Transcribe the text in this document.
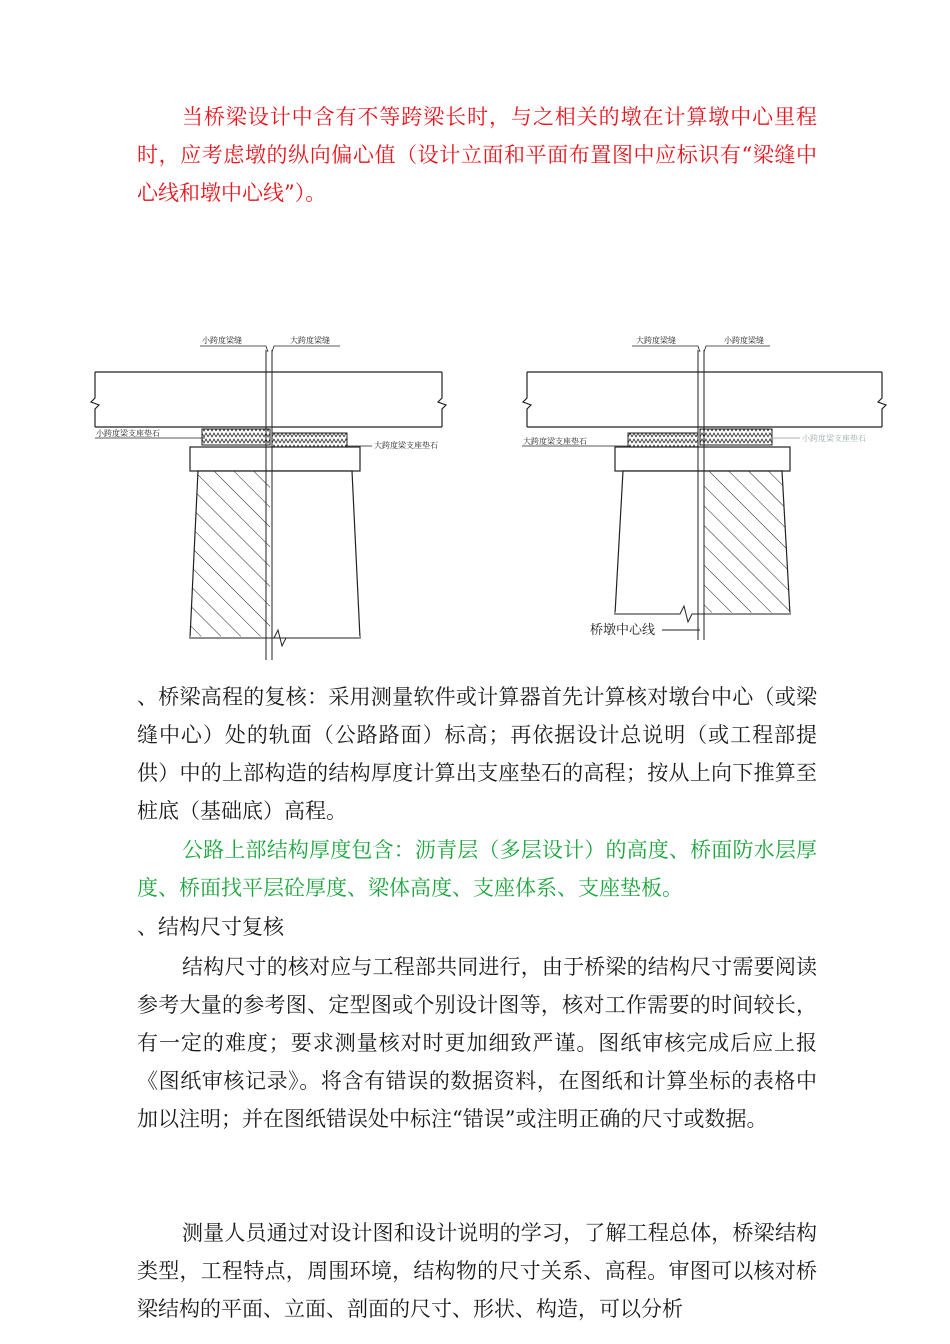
当桥梁设计中含有不等跨梁长时，与之相关的墩在计算墩中心里程时，应考虑墩的纵向偏心值（设计立面和平面布置图中应标识有“梁缝中心线和墩中心线”）。

小跨度梁缝	大跨度梁缝
小跨度梁支座垫石
大跨度梁支座垫石
大跨度梁缝	小跨度梁缝
大跨度梁支座垫石	小跨度梁支座垫石
桥墩中心线

、桥梁高程的复核：采用测量软件或计算器首先计算核对墩台中心（或梁缝中心）处的轨面（公路路面）标高；再依据设计总说明（或工程部提供）中的上部构造的结构厚度计算出支座垫石的高程；按从上向下推算至桩底（基础底）高程。

公路上部结构厚度包含：沥青层（多层设计）的高度、桥面防水层厚度、桥面找平层砼厚度、梁体高度、支座体系、支座垫板。

、结构尺寸复核

结构尺寸的核对应与工程部共同进行，由于桥梁的结构尺寸需要阅读参考大量的参考图、定型图或个别设计图等，核对工作需要的时间较长，有一定的难度；要求测量核对时更加细致严谨。图纸审核完成后应上报《图纸审核记录》。将含有错误的数据资料，在图纸和计算坐标的表格中加以注明；并在图纸错误处中标注“错误”或注明正确的尺寸或数据。

测量人员通过对设计图和设计说明的学习，了解工程总体，桥梁结构类型，工程特点，周围环境，结构物的尺寸关系、高程。审图可以核对桥梁结构的平面、立面、剖面的尺寸、形状、构造，可以分析
